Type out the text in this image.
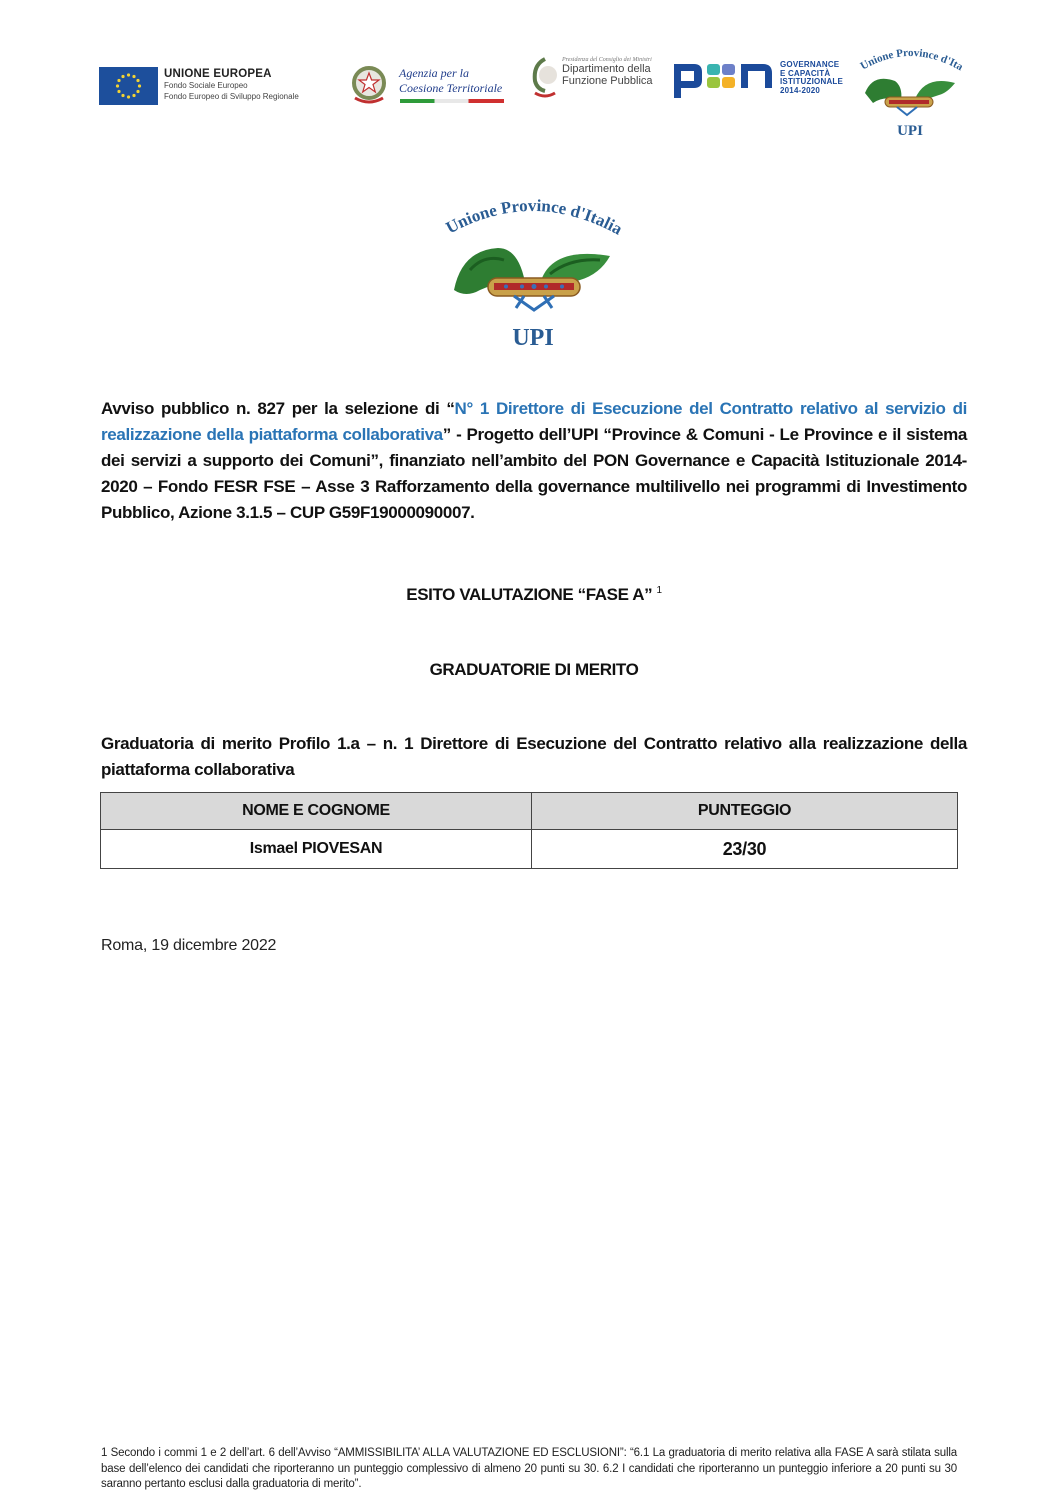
UNIONE EUROPEA
Fondo Sociale Europeo
Fondo Europeo di Sviluppo Regionale
Agenzia per la
Coesione Territoriale
Presidenza del Consiglio dei Ministri
Dipartimento della
Funzione Pubblica
GOVERNANCE
E CAPACITÀ
ISTITUZIONALE
2014-2020
Unione Province d'Ita
UPI
Unione Province d'Italia
UPI
Avviso pubblico n. 827 per la selezione di “N° 1 Direttore di Esecuzione del Contratto relativo al servizio di realizzazione della piattaforma collaborativa” - Progetto dell’UPI “Province & Comuni - Le Province e il sistema dei servizi a supporto dei Comuni”, finanziato nell’ambito del PON Governance e Capacità Istituzionale 2014-2020 – Fondo FESR FSE – Asse 3 Rafforzamento della governance multilivello nei programmi di Investimento Pubblico, Azione 3.1.5 – CUP G59F19000090007.
ESITO VALUTAZIONE “FASE A” $^1$
GRADUATORIE DI MERITO
Graduatoria di merito Profilo 1.a – n. 1 Direttore di Esecuzione del Contratto relativo alla realizzazione della piattaforma collaborativa
NOME E COGNOME	PUNTEGGIO
Ismael PIOVESAN	23/30
Roma, 19 dicembre 2022
1 Secondo i commi 1 e 2 dell’art. 6 dell’Avviso “AMMISSIBILITA’ ALLA VALUTAZIONE ED ESCLUSIONI”: “6.1 La graduatoria di merito relativa alla FASE A sarà stilata sulla base dell’elenco dei candidati che riporteranno un punteggio complessivo di almeno 20 punti su 30. 6.2 I candidati che riporteranno un punteggio inferiore a 20 punti su 30 saranno pertanto esclusi dalla graduatoria di merito”.
